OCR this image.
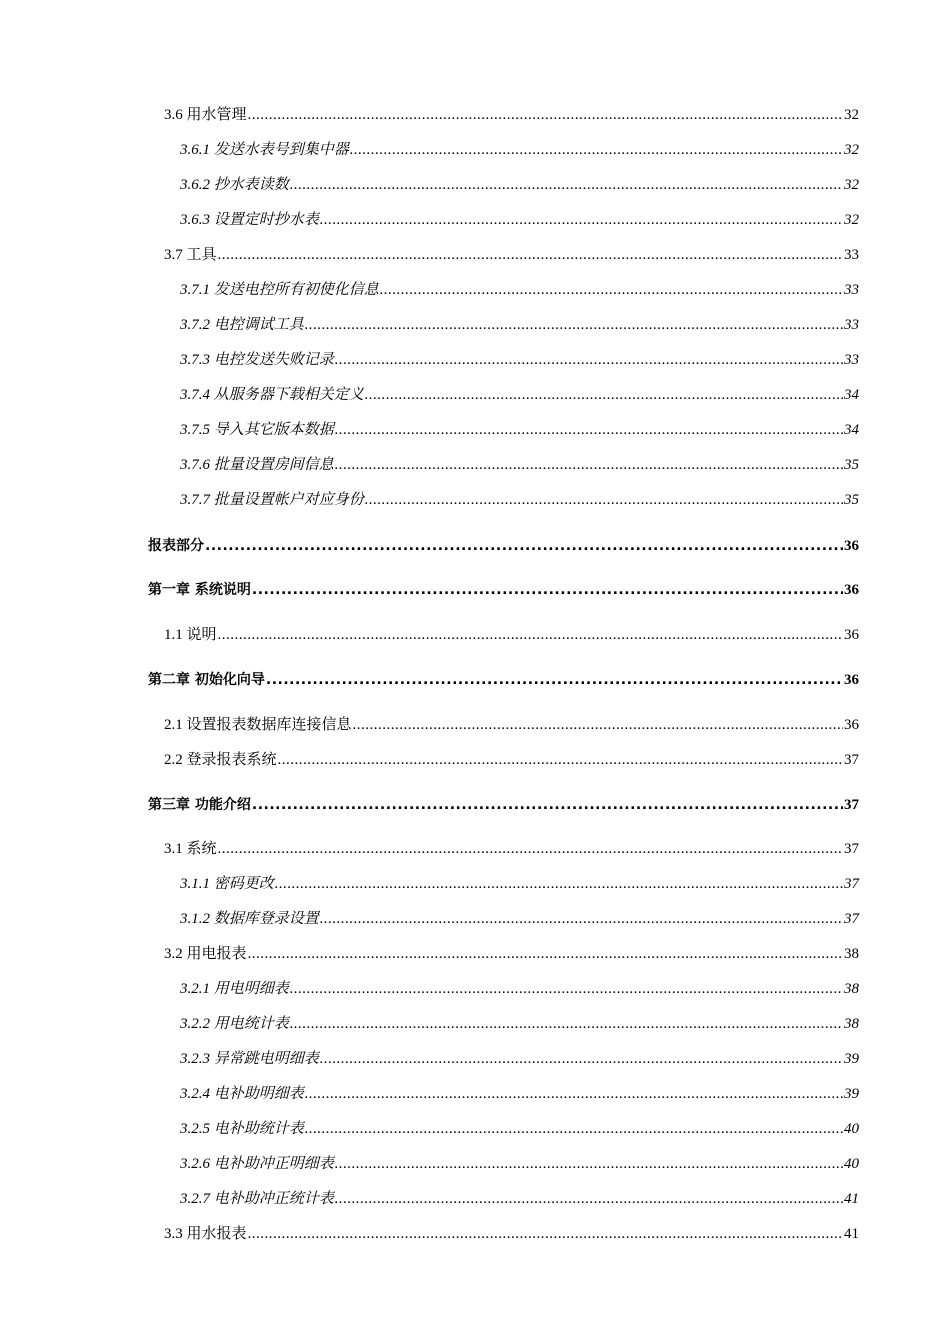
3.6 用水管理 .....	32
3.6.1 发送水表号到集中器 .....	32
3.6.2 抄水表读数 .....	32
3.6.3 设置定时抄水表 .....	32
3.7 工具 .....	33
3.7.1 发送电控所有初使化信息 .....	33
3.7.2 电控调试工具 .....	33
3.7.3 电控发送失败记录 .....	33
3.7.4 从服务器下载相关定义 .....	34
3.7.5 导入其它版本数据 .....	34
3.7.6 批量设置房间信息 .....	35
3.7.7 批量设置帐户对应身份 .....	35
报表部分 .....	36
第一章 系统说明 .....	36
1.1 说明 .....	36
第二章 初始化向导 .....	36
2.1 设置报表数据库连接信息 .....	36
2.2 登录报表系统 .....	37
第三章 功能介绍 .....	37
3.1 系统 .....	37
3.1.1 密码更改 .....	37
3.1.2 数据库登录设置 .....	37
3.2 用电报表 .....	38
3.2.1 用电明细表 .....	38
3.2.2 用电统计表 .....	38
3.2.3 异常跳电明细表 .....	39
3.2.4 电补助明细表 .....	39
3.2.5 电补助统计表 .....	40
3.2.6 电补助冲正明细表 .....	40
3.2.7 电补助冲正统计表 .....	41
3.3 用水报表 .....	41
